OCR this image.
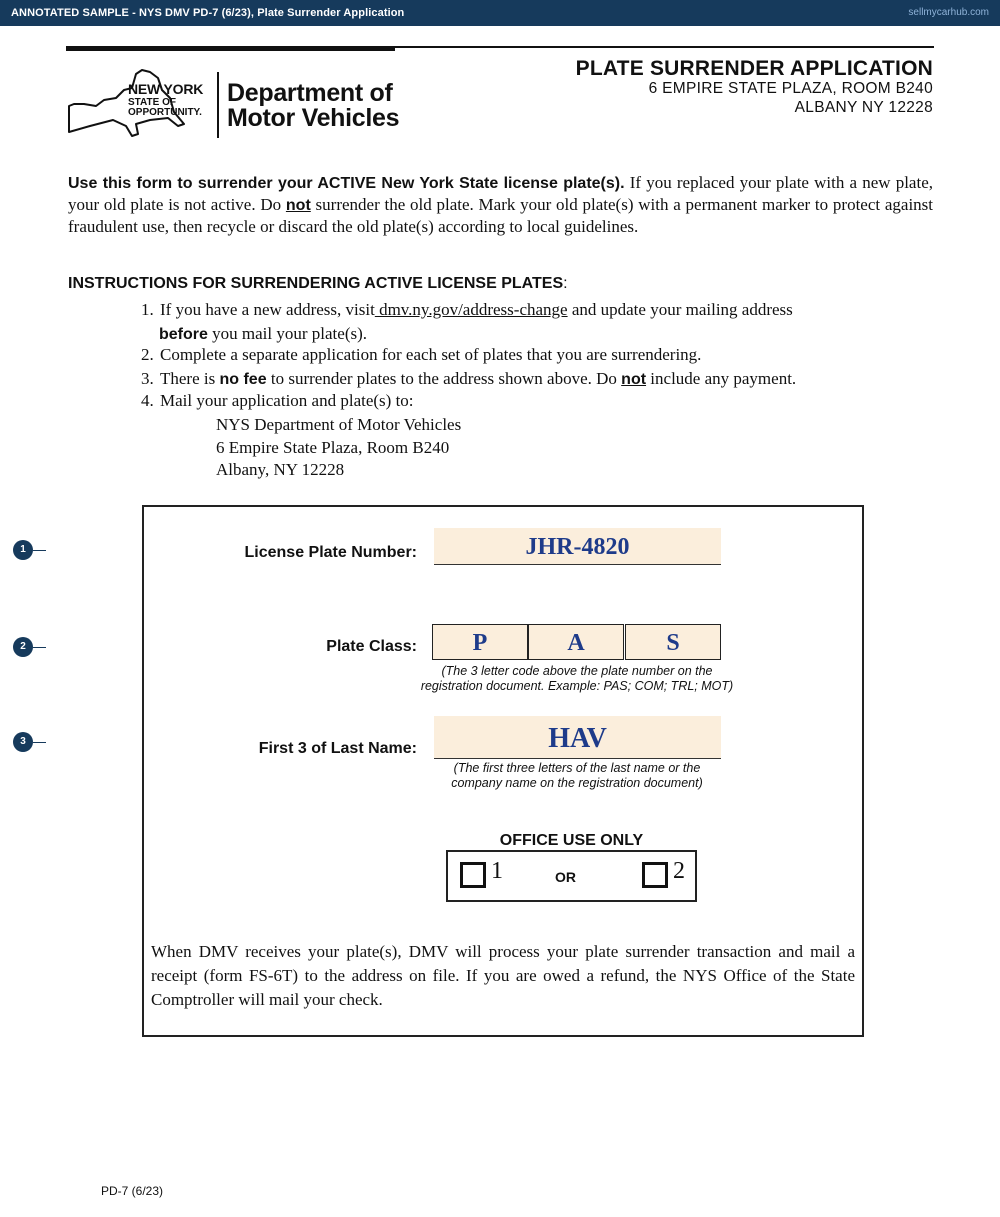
ANNOTATED SAMPLE - NYS DMV PD-7 (6/23), Plate Surrender Application	sellmycarhub.com
NEW YORK
STATE OF
OPPORTUNITY.
Department of
Motor Vehicles
PLATE SURRENDER APPLICATION
6 EMPIRE STATE PLAZA, ROOM B240
ALBANY NY 12228
Use this form to surrender your ACTIVE New York State license plate(s). If you replaced your plate with a new plate, your old plate is not active. Do not surrender the old plate. Mark your old plate(s) with a permanent marker to protect against fraudulent use, then recycle or discard the old plate(s) according to local guidelines.
INSTRUCTIONS FOR SURRENDERING ACTIVE LICENSE PLATES:
1. If you have a new address, visit dmv.ny.gov/address-change and update your mailing address
before you mail your plate(s).
2. Complete a separate application for each set of plates that you are surrendering.
3. There is no fee to surrender plates to the address shown above. Do not include any payment.
4. Mail your application and plate(s) to:
NYS Department of Motor Vehicles
6 Empire State Plaza, Room B240
Albany, NY 12228
1
2
3
License Plate Number:	JHR-4820
Plate Class:	P	A	S
(The 3 letter code above the plate number on the
registration document. Example: PAS; COM; TRL; MOT)
First 3 of Last Name:	HAV
(The first three letters of the last name or the
company name on the registration document)
OFFICE USE ONLY
1	OR	2
When DMV receives your plate(s), DMV will process your plate surrender transaction and mail a receipt (form FS-6T) to the address on file. If you are owed a refund, the NYS Office of the State Comptroller will mail your check.
PD-7 (6/23)
